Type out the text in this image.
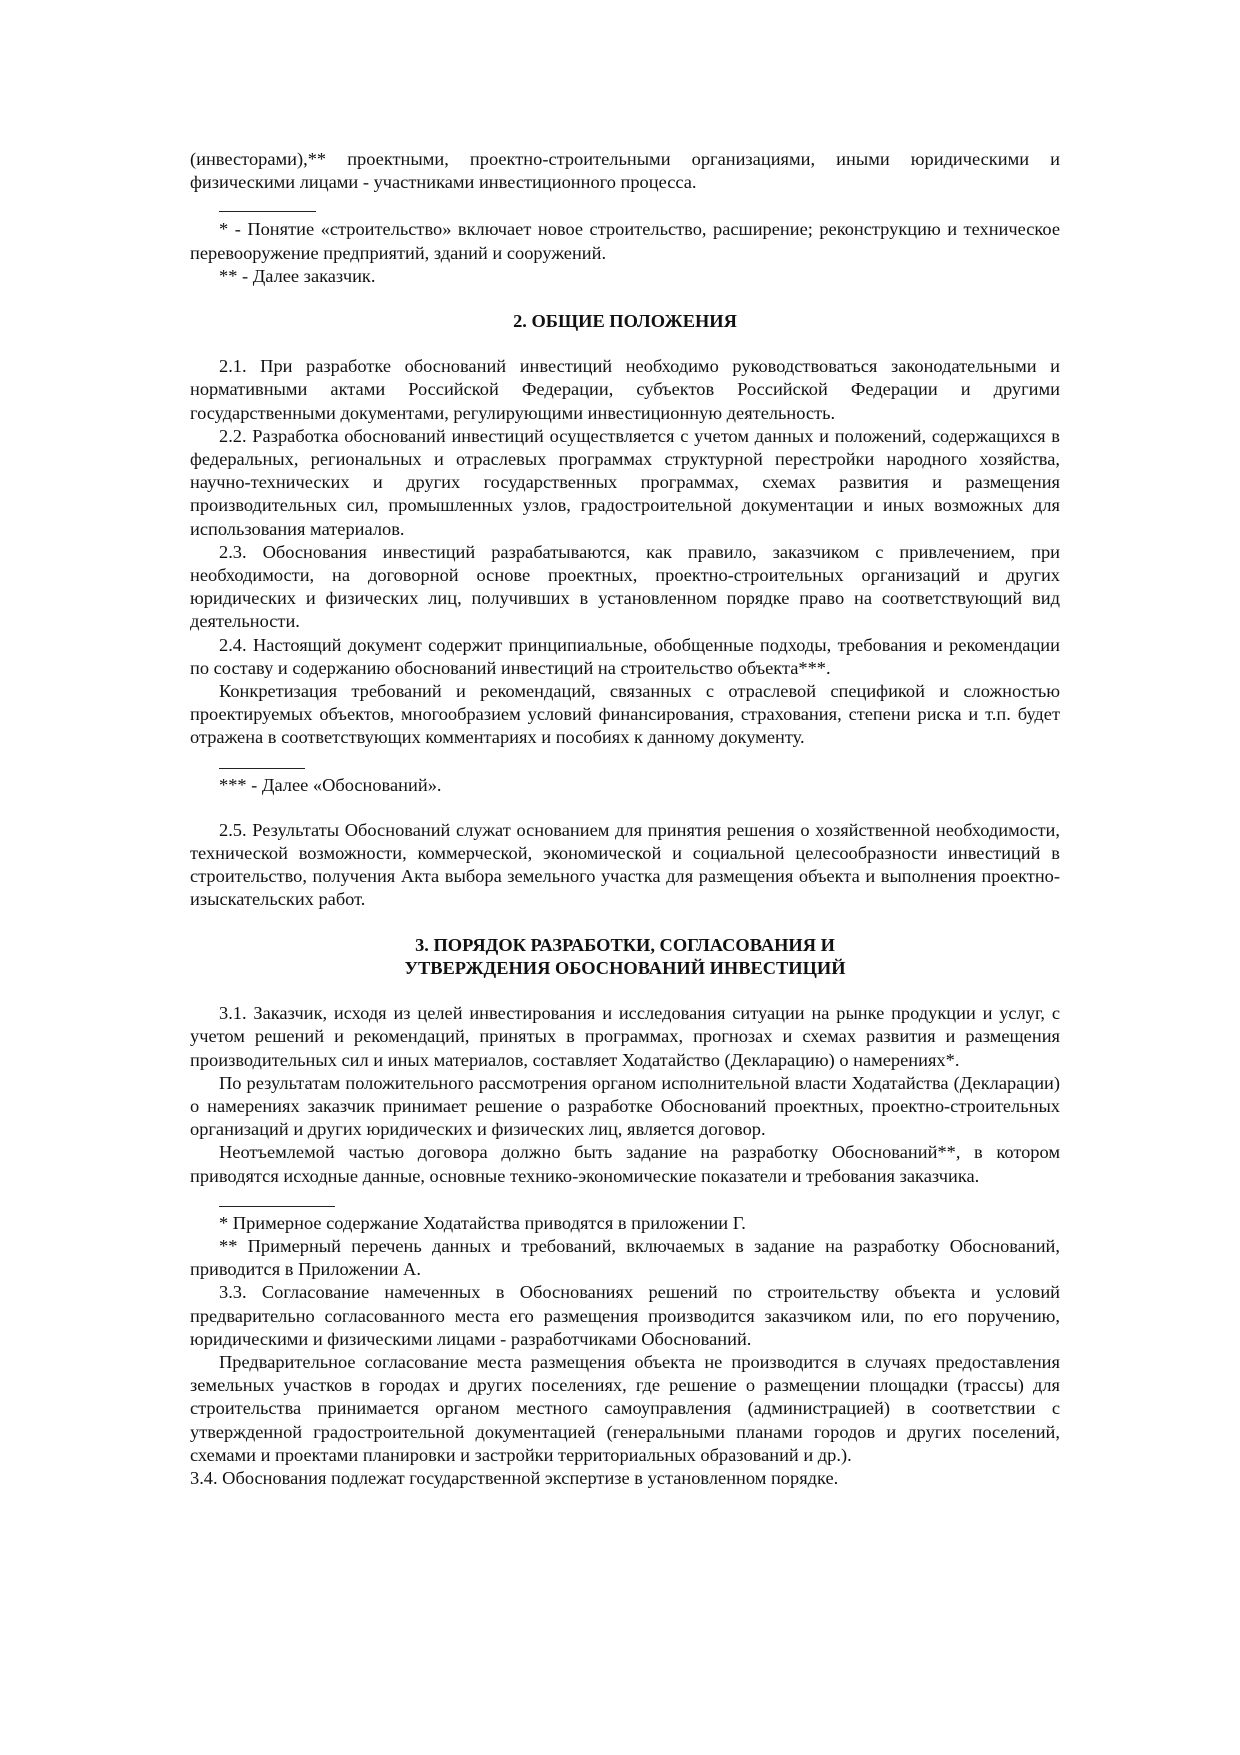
(инвесторами),** проектными, проектно-строительными организациями, иными юридическими и физическими лицами - участниками инвестиционного процесса.

* - Понятие «строительство» включает новое строительство, расширение; реконструкцию и техническое перевооружение предприятий, зданий и сооружений.

** - Далее заказчик.

2. ОБЩИЕ ПОЛОЖЕНИЯ

2.1. При разработке обоснований инвестиций необходимо руководствоваться законодательными и нормативными актами Российской Федерации, субъектов Российской Федерации и другими государственными документами, регулирующими инвестиционную деятельность.

2.2. Разработка обоснований инвестиций осуществляется с учетом данных и положений, содержащихся в федеральных, региональных и отраслевых программах структурной перестройки народного хозяйства, научно-технических и других государственных программах, схемах развития и размещения производительных сил, промышленных узлов, градостроительной документации и иных возможных для использования материалов.

2.3. Обоснования инвестиций разрабатываются, как правило, заказчиком с привлечением, при необходимости, на договорной основе проектных, проектно-строительных организаций и других юридических и физических лиц, получивших в установленном порядке право на соответствующий вид деятельности.

2.4. Настоящий документ содержит принципиальные, обобщенные подходы, требования и рекомендации по составу и содержанию обоснований инвестиций на строительство объекта***.

Конкретизация требований и рекомендаций, связанных с отраслевой спецификой и сложностью проектируемых объектов, многообразием условий финансирования, страхования, степени риска и т.п. будет отражена в соответствующих комментариях и пособиях к данному документу.

*** - Далее «Обоснований».

2.5. Результаты Обоснований служат основанием для принятия решения о хозяйственной необходимости, технической возможности, коммерческой, экономической и социальной целесообразности инвестиций в строительство, получения Акта выбора земельного участка для размещения объекта и выполнения проектно-изыскательских работ.

3. ПОРЯДОК РАЗРАБОТКИ, СОГЛАСОВАНИЯ И
УТВЕРЖДЕНИЯ ОБОСНОВАНИЙ ИНВЕСТИЦИЙ

3.1. Заказчик, исходя из целей инвестирования и исследования ситуации на рынке продукции и услуг, с учетом решений и рекомендаций, принятых в программах, прогнозах и схемах развития и размещения производительных сил и иных материалов, составляет Ходатайство (Декларацию) о намерениях*.

По результатам положительного рассмотрения органом исполнительной власти Ходатайства (Декларации) о намерениях заказчик принимает решение о разработке Обоснований проектных, проектно-строительных организаций и других юридических и физических лиц, является договор.

Неотъемлемой частью договора должно быть задание на разработку Обоснований**, в котором приводятся исходные данные, основные технико-экономические показатели и требования заказчика.

* Примерное содержание Ходатайства приводятся в приложении Г.

** Примерный перечень данных и требований, включаемых в задание на разработку Обоснований, приводится в Приложении А.

3.3. Согласование намеченных в Обоснованиях решений по строительству объекта и условий предварительно согласованного места его размещения производится заказчиком или, по его поручению, юридическими и физическими лицами - разработчиками Обоснований.

Предварительное согласование места размещения объекта не производится в случаях предоставления земельных участков в городах и других поселениях, где решение о размещении площадки (трассы) для строительства принимается органом местного самоуправления (администрацией) в соответствии с утвержденной градостроительной документацией (генеральными планами городов и других поселений, схемами и проектами планировки и застройки территориальных образований и др.).

3.4. Обоснования подлежат государственной экспертизе в установленном порядке.
